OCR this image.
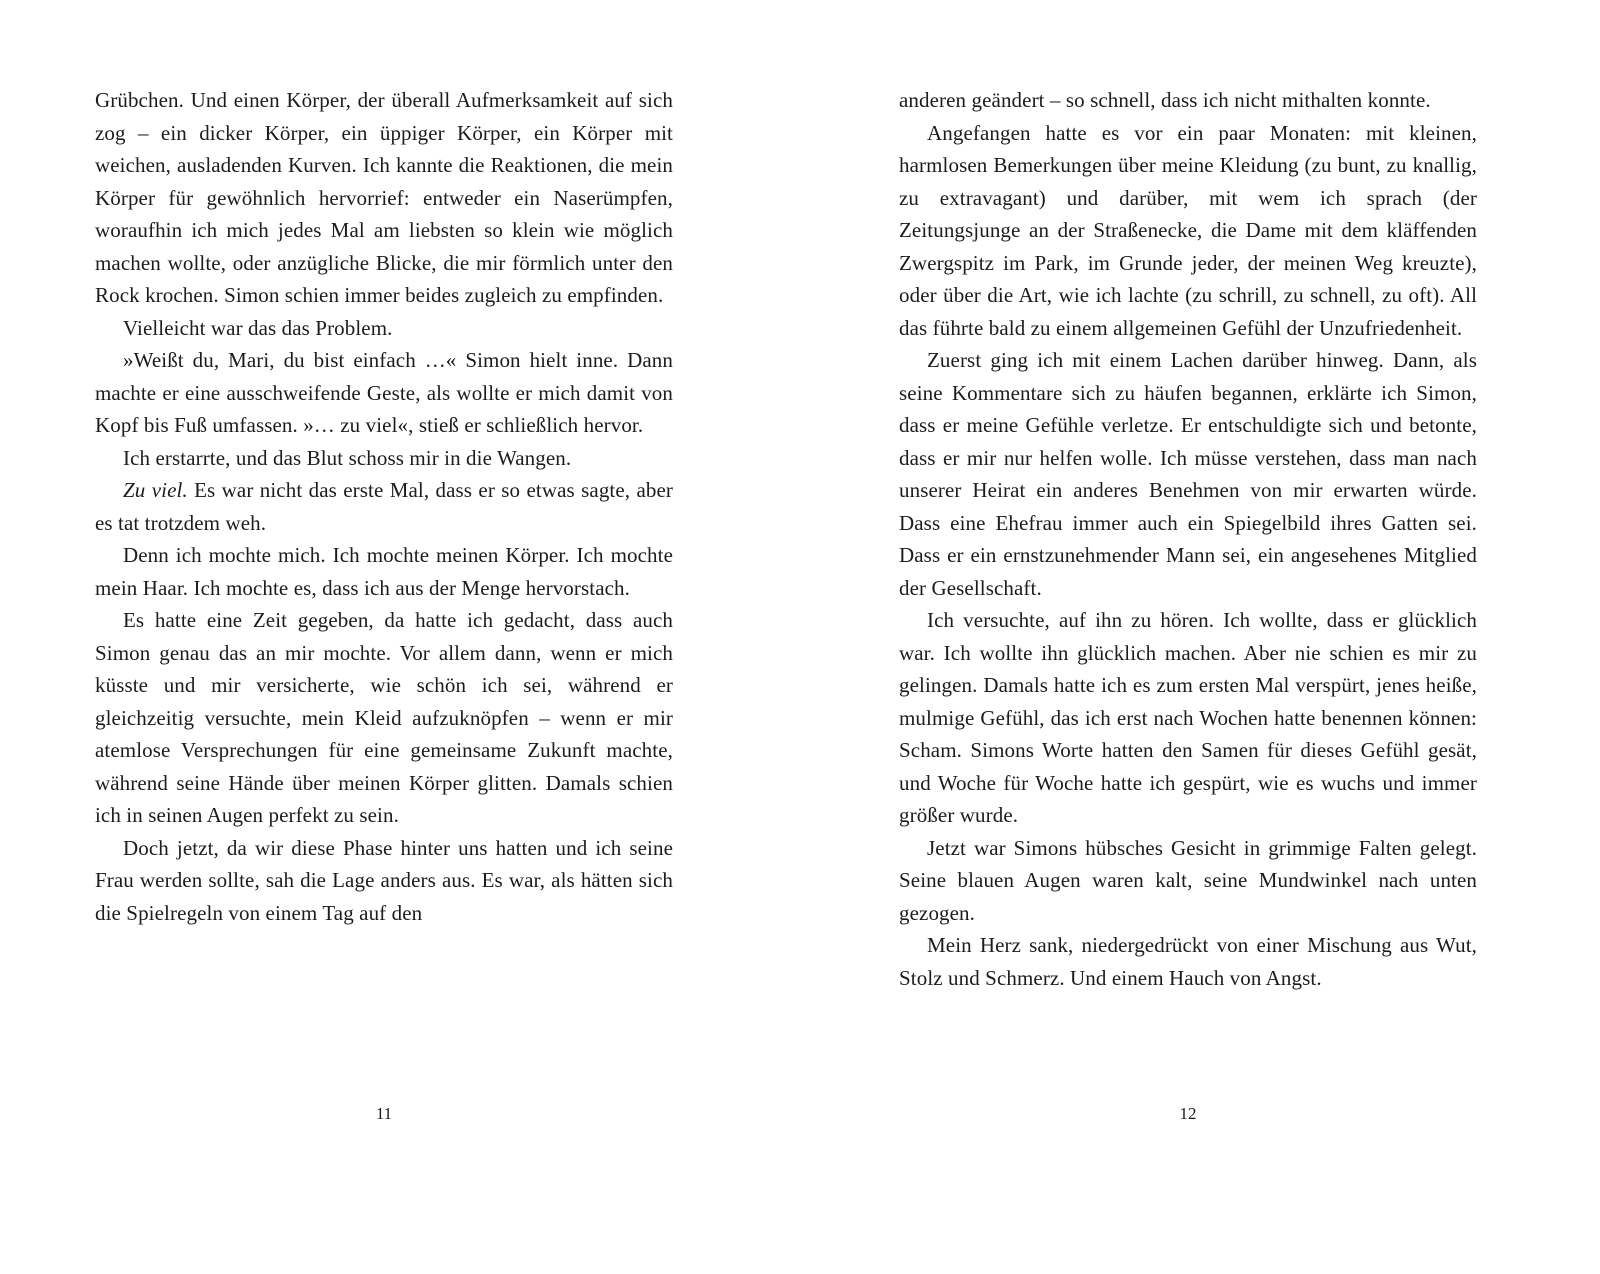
Grübchen. Und einen Körper, der überall Aufmerksamkeit auf sich zog – ein dicker Körper, ein üppiger Körper, ein Körper mit weichen, ausladenden Kurven. Ich kannte die Reaktionen, die mein Körper für gewöhnlich hervorrief: entweder ein Naserümpfen, woraufhin ich mich jedes Mal am liebsten so klein wie möglich machen wollte, oder anzügliche Blicke, die mir förmlich unter den Rock krochen. Simon schien immer beides zugleich zu empfinden.

Vielleicht war das das Problem.

»Weißt du, Mari, du bist einfach …« Simon hielt inne. Dann machte er eine ausschweifende Geste, als wollte er mich damit von Kopf bis Fuß umfassen. »… zu viel«, stieß er schließlich hervor.

Ich erstarrte, und das Blut schoss mir in die Wangen.

Zu viel. Es war nicht das erste Mal, dass er so etwas sagte, aber es tat trotzdem weh.

Denn ich mochte mich. Ich mochte meinen Körper. Ich mochte mein Haar. Ich mochte es, dass ich aus der Menge hervorstach.

Es hatte eine Zeit gegeben, da hatte ich gedacht, dass auch Simon genau das an mir mochte. Vor allem dann, wenn er mich küsste und mir versicherte, wie schön ich sei, während er gleichzeitig versuchte, mein Kleid aufzuknöpfen – wenn er mir atemlose Versprechungen für eine gemeinsame Zukunft machte, während seine Hände über meinen Körper glitten. Damals schien ich in seinen Augen perfekt zu sein.

Doch jetzt, da wir diese Phase hinter uns hatten und ich seine Frau werden sollte, sah die Lage anders aus. Es war, als hätten sich die Spielregeln von einem Tag auf den

11

anderen geändert – so schnell, dass ich nicht mithalten konnte.

Angefangen hatte es vor ein paar Monaten: mit kleinen, harmlosen Bemerkungen über meine Kleidung (zu bunt, zu knallig, zu extravagant) und darüber, mit wem ich sprach (der Zeitungsjunge an der Straßenecke, die Dame mit dem kläffenden Zwergspitz im Park, im Grunde jeder, der meinen Weg kreuzte), oder über die Art, wie ich lachte (zu schrill, zu schnell, zu oft). All das führte bald zu einem allgemeinen Gefühl der Unzufriedenheit.

Zuerst ging ich mit einem Lachen darüber hinweg. Dann, als seine Kommentare sich zu häufen begannen, erklärte ich Simon, dass er meine Gefühle verletze. Er entschuldigte sich und betonte, dass er mir nur helfen wolle. Ich müsse verstehen, dass man nach unserer Heirat ein anderes Benehmen von mir erwarten würde. Dass eine Ehefrau immer auch ein Spiegelbild ihres Gatten sei. Dass er ein ernstzunehmender Mann sei, ein angesehenes Mitglied der Gesellschaft.

Ich versuchte, auf ihn zu hören. Ich wollte, dass er glücklich war. Ich wollte ihn glücklich machen. Aber nie schien es mir zu gelingen. Damals hatte ich es zum ersten Mal verspürt, jenes heiße, mulmige Gefühl, das ich erst nach Wochen hatte benennen können: Scham. Simons Worte hatten den Samen für dieses Gefühl gesät, und Woche für Woche hatte ich gespürt, wie es wuchs und immer größer wurde.

Jetzt war Simons hübsches Gesicht in grimmige Falten gelegt. Seine blauen Augen waren kalt, seine Mundwinkel nach unten gezogen.

Mein Herz sank, niedergedrückt von einer Mischung aus Wut, Stolz und Schmerz. Und einem Hauch von Angst.

12
